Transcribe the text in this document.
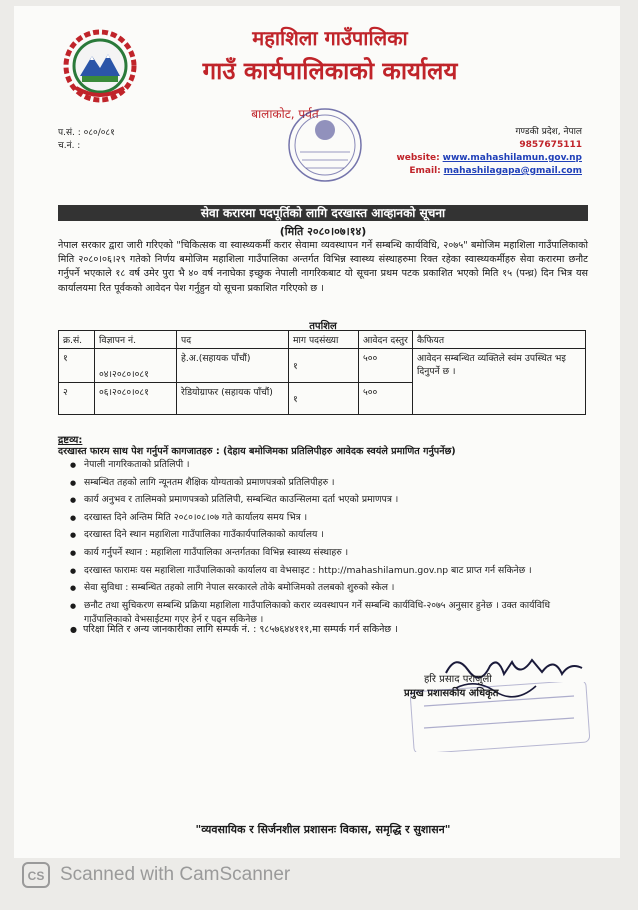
महाशिला गाउँपालिका
गाउँ कार्यपालिकाको कार्यालय
बालाकोट, पर्वत
प.सं. : ०८०/०८१
च.नं. :
गण्डकी प्रदेश, नेपाल
9857675111
website: www.mahashilamun.gov.np
Email: mahashilagapa@gmail.com
सेवा करारमा पदपूर्तिको लागि दरखास्त आव्हानको सूचना
(मिति २०८०।०७।१४)
नेपाल सरकार द्वारा जारी गरिएको "चिकित्सक वा स्वास्थ्यकर्मी करार सेवामा व्यवस्थापन गर्ने सम्बन्धि कार्यविधि, २०७५" बमोजिम महाशिला गाउँपालिकाको मिति २०८०।०६।२९ गतेको निर्णय बमोजिम महाशिला गाउँपालिका अन्तर्गत विभिन्न स्वास्थ्य संस्थाहरुमा रिक्त रहेका स्वास्थ्यकर्मीहरु सेवा करारमा छनौट गर्नुपर्ने भएकाले १८ वर्ष उमेर पुरा भै ४० वर्ष ननाघेका इच्छुक नेपाली नागरिकबाट यो सूचना प्रथम पटक प्रकाशित भएको मिति १५ (पन्ध्र) दिन भित्र यस कार्यालयमा रित पूर्वकको आवेदन पेश गर्नुहुन यो सूचना प्रकाशित गरिएको छ ।
तपशिल
क्र.सं.	विज्ञापन नं.	पद	माग पदसंख्या	आवेदन दस्तुर	कैफियत
१	०४।२०८०।०८१	हे.अ.(सहायक पाँचौं)	१	५००	आवेदन सम्बन्धित व्यक्तिले स्वंम उपस्थित भइ दिनुपर्ने छ ।
२	०६।२०८०।०८१	रेडियोग्राफर (सहायक पाँचौं)	१	५००	
द्रष्टव्य:
दरखास्त फारम साथ पेश गर्नुपर्ने कागजातहरु : (देहाय बमोजिमका प्रतिलिपीहरु आवेदक स्वयंले प्रमाणित गर्नुपर्नेछ)
● नेपाली नागरिकताको प्रतिलिपी ।
● सम्बन्धित तहको लागि न्यूनतम शैक्षिक योग्यताको प्रमाणपत्रको प्रतिलिपीहरु ।
● कार्य अनुभव र तालिमको प्रमाणपत्रको प्रतिलिपी, सम्बन्धित काउन्सिलमा दर्ता भएको प्रमाणपत्र ।
● दरखास्त दिने अन्तिम मिति २०८०।०८।०७ गते कार्यालय समय भित्र ।
● दरखास्त दिने स्थान महाशिला गाउँपालिका गाउँकार्यपालिकाको कार्यालय ।
● कार्य गर्नुपर्ने स्थान : महाशिला गाउँपालिका अन्तर्गतका विभिन्न स्वास्थ्य संस्थाहरु ।
● दरखास्त फारामः यस महाशिला गाउँपालिकाको कार्यालय वा वेभसाइट : http://mahashilamun.gov.np बाट प्राप्त गर्न सकिनेछ ।
● सेवा सुविधा : सम्बन्धित तहको लागि नेपाल सरकारले तोके बमोजिमको तलबको शुरुको स्केल ।
● छनौट तथा सुचिकरण सम्बन्धि प्रक्रिया महाशिला गाउँपालिकाको करार व्यवस्थापन गर्ने सम्बन्धि कार्यविधि-२०७५ अनुसार हुनेछ । उक्त कार्यविधि गाउँपालिकाको वेभसाईटमा गएर हेर्न र पढ्न सकिनेछ ।
● परिक्षा मिति र अन्य जानकारीका लागि सम्पर्क नं. : ९८५७६४४१११,मा सम्पर्क गर्न सकिनेछ ।
हरि प्रसाद पराजुली
प्रमुख प्रशासकीय अधिकृत
"व्यवसायिक र सिर्जनशील प्रशासनः विकास, समृद्धि र सुशासन"
CS Scanned with CamScanner
